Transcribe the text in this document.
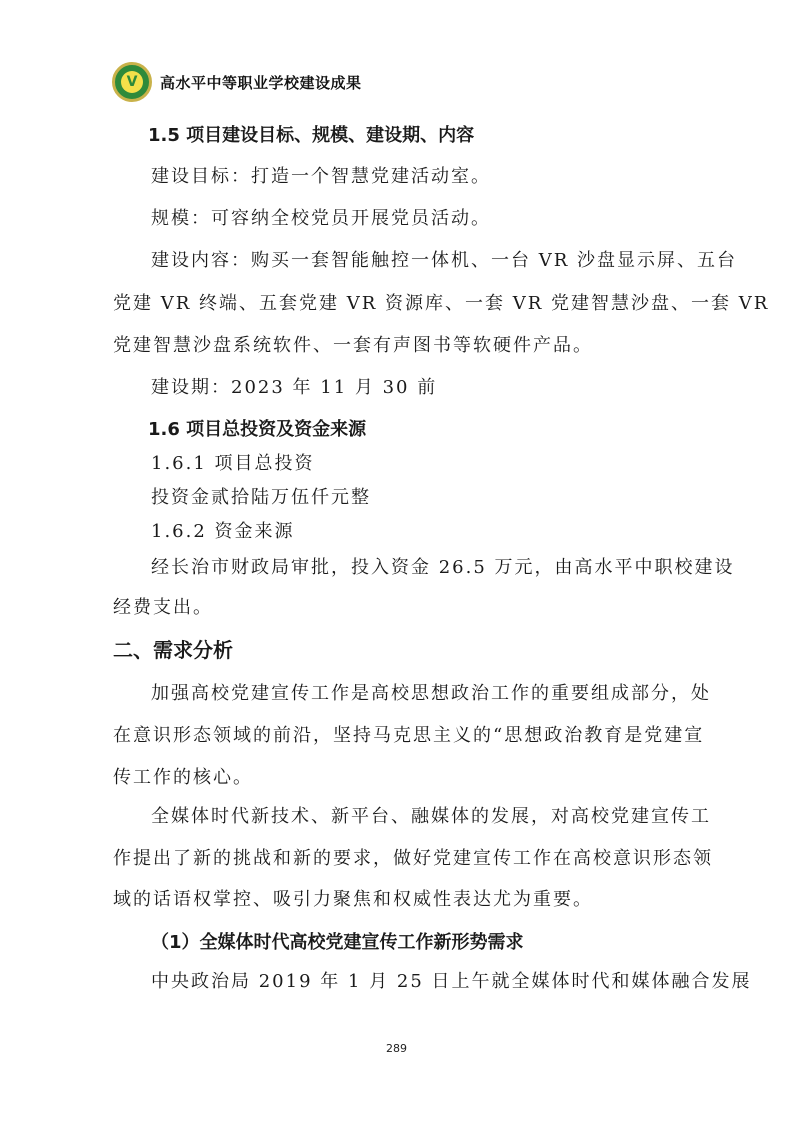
V 高水平中等职业学校建设成果
1.5 项目建设目标、规模、建设期、内容
建设目标：打造一个智慧党建活动室。
规模：可容纳全校党员开展党员活动。
建设内容：购买一套智能触控一体机、一台 VR 沙盘显示屏、五台
党建 VR 终端、五套党建 VR 资源库、一套 VR 党建智慧沙盘、一套 VR
党建智慧沙盘系统软件、一套有声图书等软硬件产品。
建设期：2023 年 11 月 30 前
1.6 项目总投资及资金来源
1.6.1 项目总投资
投资金贰拾陆万伍仟元整
1.6.2 资金来源
经长治市财政局审批，投入资金 26.5 万元，由高水平中职校建设
经费支出。
二、需求分析
加强高校党建宣传工作是高校思想政治工作的重要组成部分，处
在意识形态领域的前沿，坚持马克思主义的“思想政治教育是党建宣
传工作的核心。
全媒体时代新技术、新平台、融媒体的发展，对高校党建宣传工
作提出了新的挑战和新的要求，做好党建宣传工作在高校意识形态领
域的话语权掌控、吸引力聚焦和权威性表达尤为重要。
（1）全媒体时代高校党建宣传工作新形势需求
中央政治局 2019 年 1 月 25 日上午就全媒体时代和媒体融合发展
289
